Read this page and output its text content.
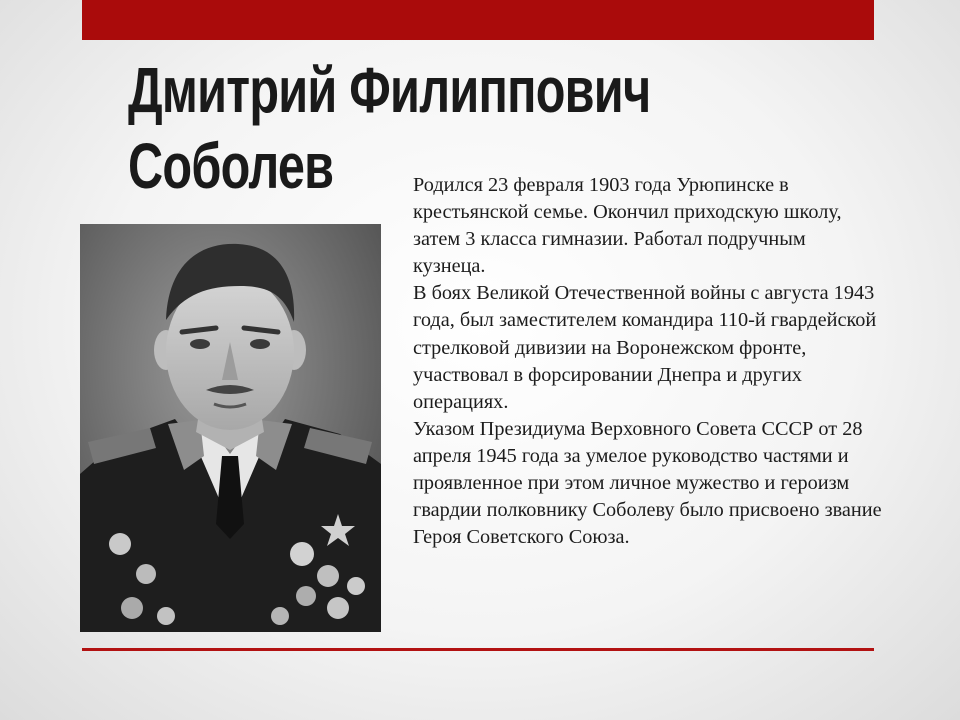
Дмитрий Филиппович
Соболев	Родился 23 февраля 1903 года Урюпинске в крестьянской семье. Окончил приходскую школу, затем 3 класса гимназии. Работал подручным кузнеца.

В боях Великой Отечественной войны с августа 1943 года, был заместителем командира 110-й гвардейской стрелковой дивизии на Воронежском фронте, участвовал в форсировании Днепра и других операциях.

Указом Президиума Верховного Совета СССР от 28 апреля 1945 года за умелое руководство частями и проявленное при этом личное мужество и героизм гвардии полковнику Соболеву было присвоено звание Героя Советского Союза.
